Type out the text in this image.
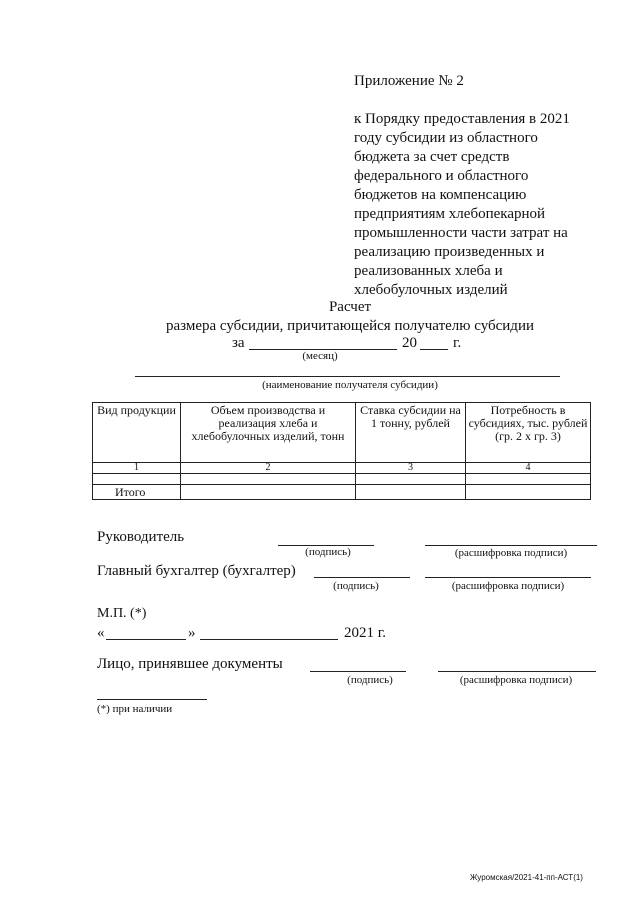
Приложение № 2
к Порядку предоставления в 2021
году субсидии из областного
бюджета за счет средств
федерального и областного
бюджетов на компенсацию
предприятиям хлебопекарной
промышленности части затрат на
реализацию произведенных и
реализованных хлеба и
хлебобулочных изделий
Расчет
размера субсидии, причитающейся получателю субсидии
за	20 г.
(месяц)
(наименование получателя субсидии)
Вид продукции	Объем производства и реализация хлеба и хлебобулочных изделий, тонн	Ставка субсидии на 1 тонну, рублей	Потребность в субсидиях, тыс. рублей (гр. 2 х гр. 3)
1	2	3	4

Итого			
Руководитель
(подпись)	(расшифровка подписи)
Главный бухгалтер (бухгалтер)
(подпись)	(расшифровка подписи)
М.П. (*)
«	»	2021 г.
Лицо, принявшее документы
(подпись)	(расшифровка подписи)
(*) при наличии
Журомская/2021-41-пп-АСТ(1)
